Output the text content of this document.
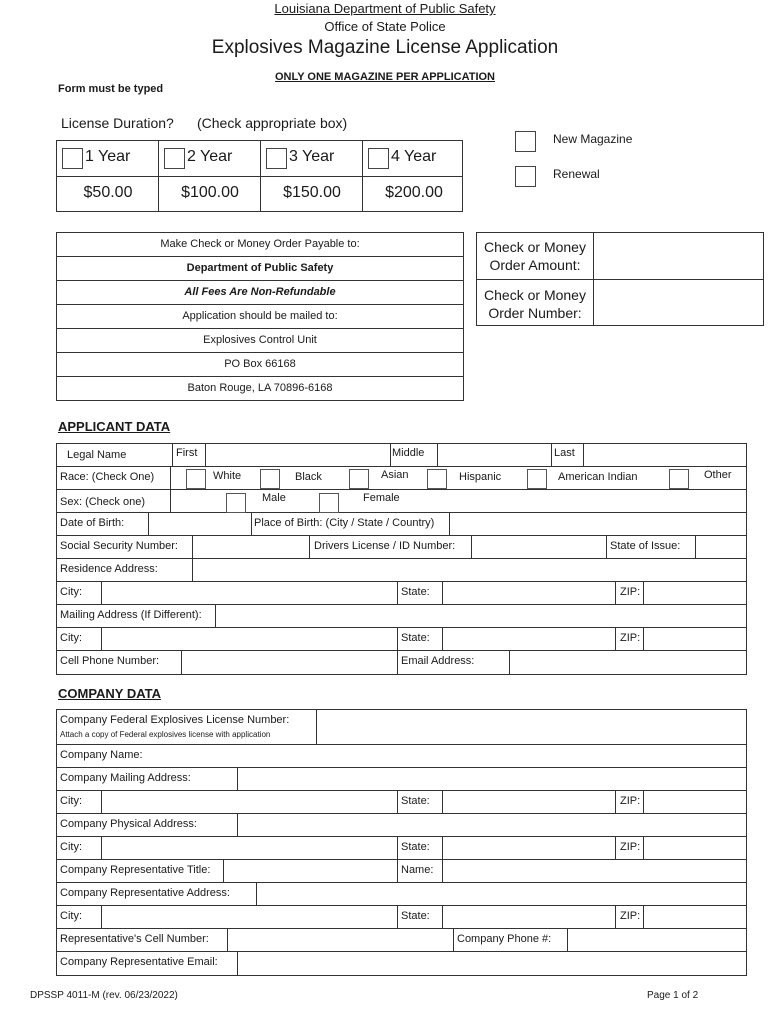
Louisiana Department of Public Safety
Office of State Police
Explosives Magazine License Application
ONLY ONE MAGAZINE PER APPLICATION
Form must be typed
License Duration? (Check appropriate box)
1 Year	2 Year	3 Year	4 Year
$50.00	$100.00	$150.00	$200.00
New Magazine
Renewal
Make Check or Money Order Payable to:
Department of Public Safety
All Fees Are Non-Refundable
Application should be mailed to:
Explosives Control Unit
PO Box 66168
Baton Rouge, LA 70896-6168
Check or Money
Order Amount:
Check or Money
Order Number:
APPLICANT DATA
Legal Name	First	Middle	Last
Race: (Check One)	White	Black	Asian	Hispanic	American Indian	Other
Sex: (Check one)	Male	Female
Date of Birth:	Place of Birth: (City / State / Country)
Social Security Number:	Drivers License / ID Number:	State of Issue:
Residence Address:
City:	State:	ZIP:
Mailing Address (If Different):
City:	State:	ZIP:
Cell Phone Number:	Email Address:
COMPANY DATA
Company Federal Explosives License Number:
Attach a copy of Federal explosives license with application
Company Name:
Company Mailing Address:
City:	State:	ZIP:
Company Physical Address:
City:	State:	ZIP:
Company Representative Title:	Name:
Company Representative Address:
City:	State:	ZIP:
Representative's Cell Number:	Company Phone #:
Company Representative Email:
DPSSP 4011-M (rev. 06/23/2022)	Page 1 of 2
